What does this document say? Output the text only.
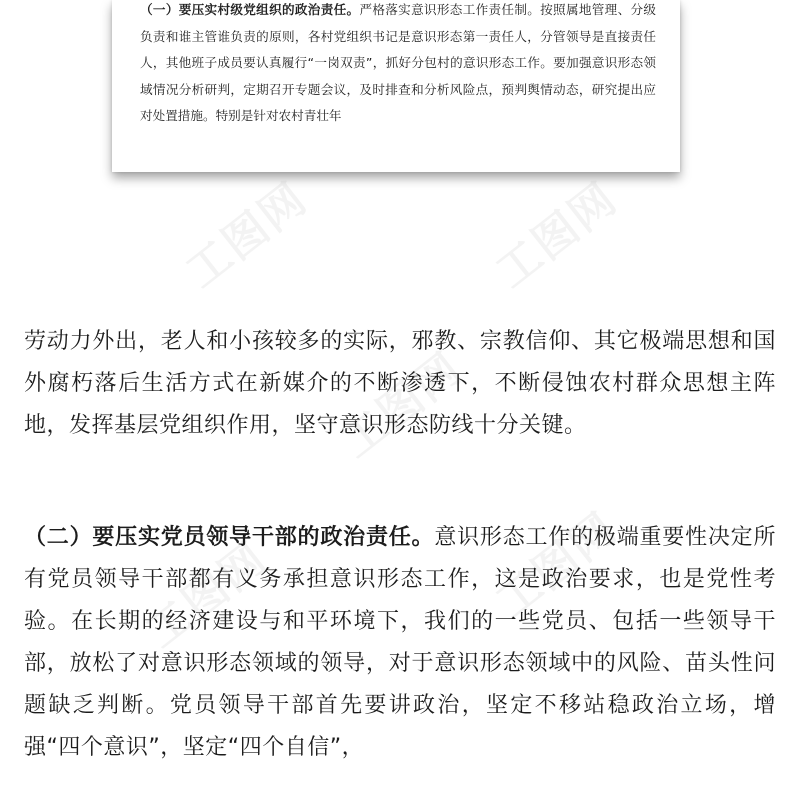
（一）要压实村级党组织的政治责任。严格落实意识形态工作责任制。按照属地管理、分级负责和谁主管谁负责的原则，各村党组织书记是意识形态第一责任人，分管领导是直接责任人，其他班子成员要认真履行“一岗双责”，抓好分包村的意识形态工作。要加强意识形态领域情况分析研判，定期召开专题会议，及时排查和分析风险点，预判舆情动态，研究提出应对处置措施。特别是针对农村青壮年
劳动力外出，老人和小孩较多的实际，邪教、宗教信仰、其它极端思想和国外腐朽落后生活方式在新媒介的不断渗透下，不断侵蚀农村群众思想主阵地，发挥基层党组织作用，坚守意识形态防线十分关键。
（二）要压实党员领导干部的政治责任。意识形态工作的极端重要性决定所有党员领导干部都有义务承担意识形态工作，这是政治要求，也是党性考验。在长期的经济建设与和平环境下，我们的一些党员、包括一些领导干部，放松了对意识形态领域的领导，对于意识形态领域中的风险、苗头性问题缺乏判断。党员领导干部首先要讲政治，坚定不移站稳政治立场，增强“四个意识”，坚定“四个自信”，
